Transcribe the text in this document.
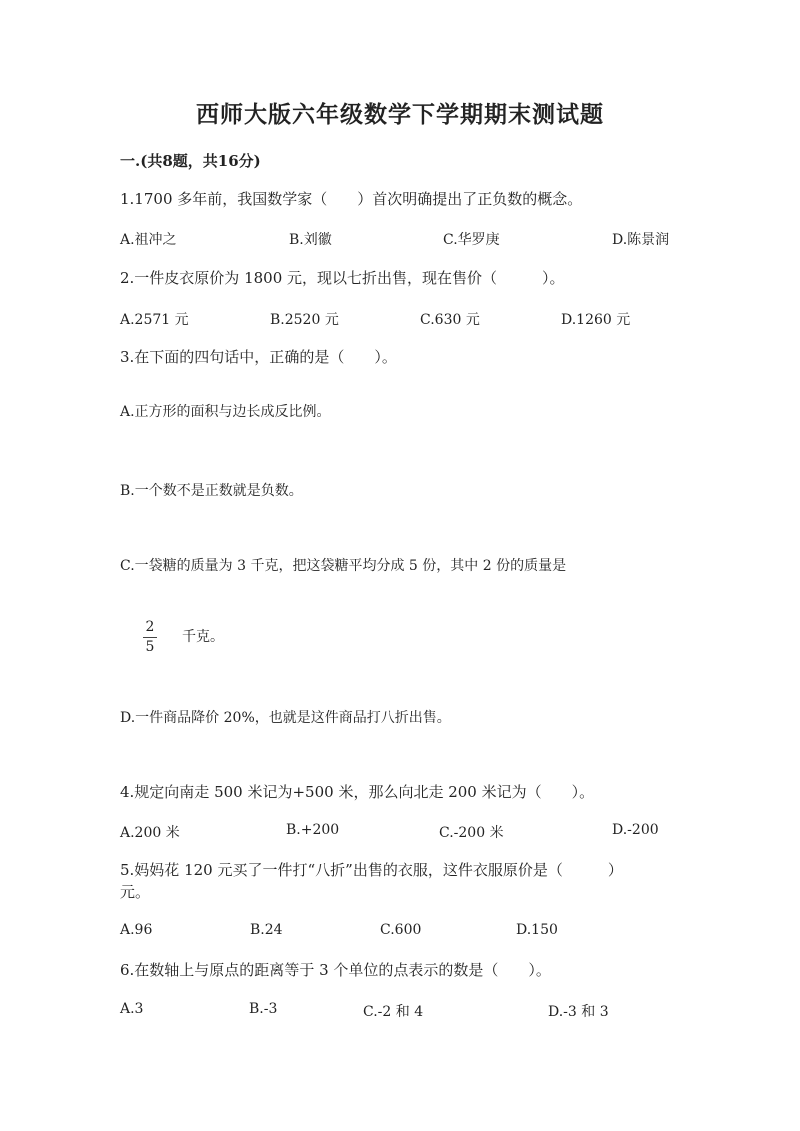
西师大版六年级数学下学期期末测试题
一.(共8题，共16分)
1.1700 多年前，我国数学家（　　）首次明确提出了正负数的概念。
A.祖冲之	B.刘徽	C.华罗庚	D.陈景润
2.一件皮衣原价为 1800 元，现以七折出售，现在售价（　　　）。
A.2571 元	B.2520 元	C.630 元	D.1260 元
3.在下面的四句话中，正确的是（　　）。
A.正方形的面积与边长成反比例。
B.一个数不是正数就是负数。
C.一袋糖的质量为 3 千克，把这袋糖平均分成 5 份，其中 2 份的质量是
2
5
千克。
D.一件商品降价 20%，也就是这件商品打八折出售。
4.规定向南走 500 米记为+500 米，那么向北走 200 米记为（　　）。
A.200 米	B.+200	C.-200 米	D.-200
5.妈妈花 120 元买了一件打“八折”出售的衣服，这件衣服原价是（　　　）
元。
A.96	B.24	C.600	D.150
6.在数轴上与原点的距离等于 3 个单位的点表示的数是（　　）。
A.3	B.-3	C.-2 和 4	D.-3 和 3
